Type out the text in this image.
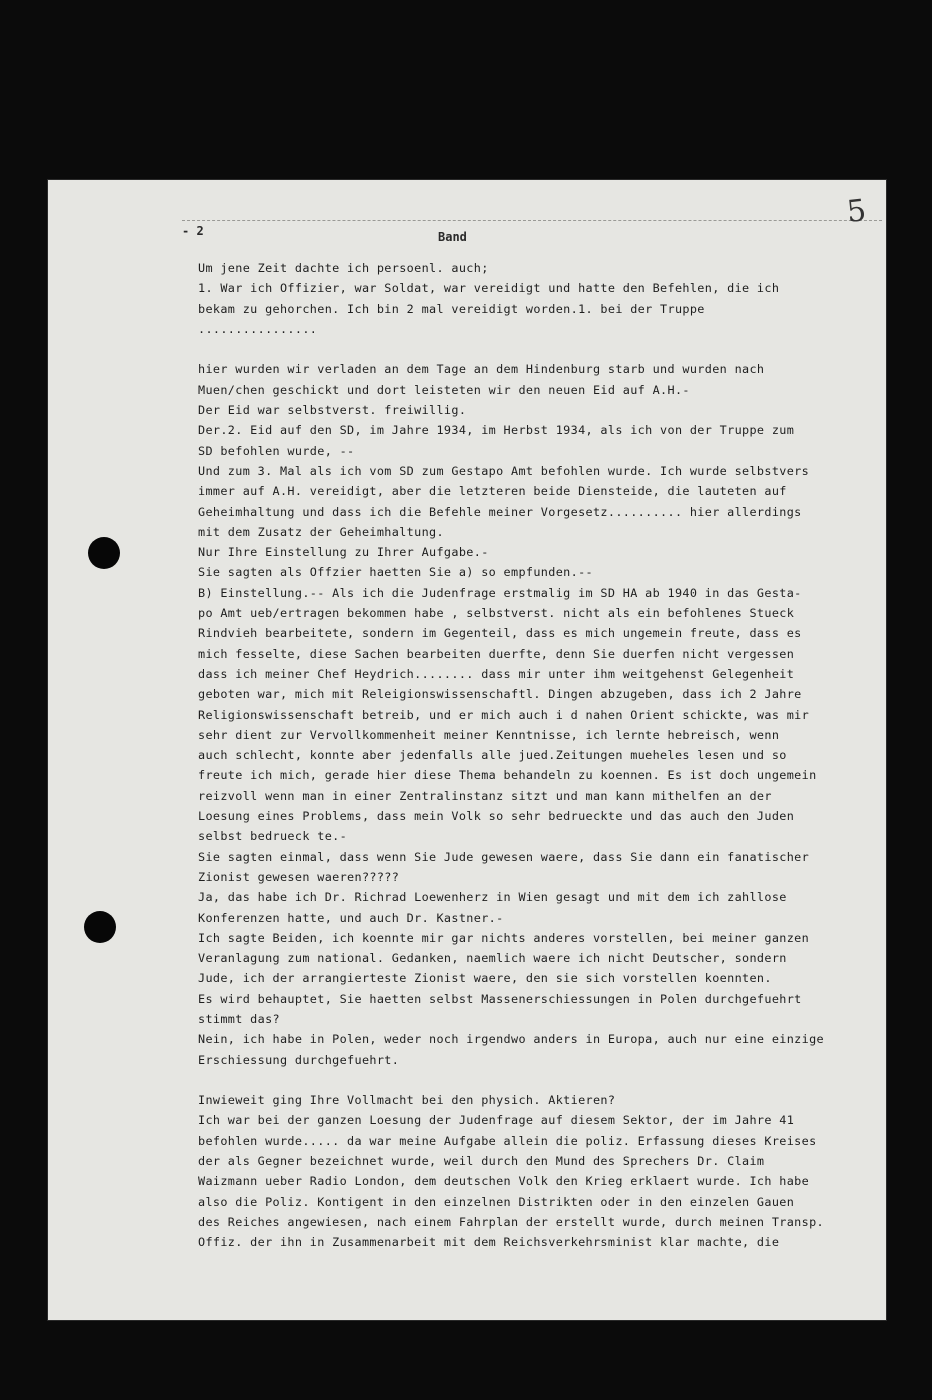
- 2	Band
5
Um jene Zeit dachte ich persoenl. auch;
1. War ich Offizier, war Soldat, war vereidigt und hatte den Befehlen, die ich
bekam zu gehorchen. Ich bin 2 mal vereidigt worden.1. bei der Truppe
................
hier wurden wir verladen an dem Tage an dem Hindenburg starb und wurden nach
Muen/chen geschickt und dort leisteten wir den neuen Eid auf A.H.-
Der Eid war selbstverst. freiwillig.
Der.2. Eid auf den SD, im Jahre 1934, im Herbst 1934, als ich von der Truppe zum
SD befohlen wurde, --
Und zum 3. Mal als ich vom SD zum Gestapo Amt befohlen wurde. Ich wurde selbstvers
immer auf A.H. vereidigt, aber die letzteren beide Diensteide, die lauteten auf
Geheimhaltung und dass ich die Befehle meiner Vorgesetz.......... hier allerdings
mit dem Zusatz der Geheimhaltung.
Nur Ihre Einstellung zu Ihrer Aufgabe.-
Sie sagten als Offzier haetten Sie a) so empfunden.--
B) Einstellung.-- Als ich die Judenfrage erstmalig im SD HA ab 1940 in das Gesta-
po Amt ueb/ertragen bekommen habe , selbstverst. nicht als ein befohlenes Stueck
Rindvieh bearbeitete, sondern im Gegenteil, dass es mich ungemein freute, dass es
mich fesselte, diese Sachen bearbeiten duerfte, denn Sie duerfen nicht vergessen
dass ich meiner Chef Heydrich........ dass mir unter ihm weitgehenst Gelegenheit
geboten war, mich mit Releigionswissenschaftl. Dingen abzugeben, dass ich 2 Jahre
Religionswissenschaft betreib, und er mich auch i d nahen Orient schickte, was mir
sehr dient zur Vervollkommenheit meiner Kenntnisse, ich lernte hebreisch, wenn
auch schlecht, konnte aber jedenfalls alle jued.Zeitungen mueheles lesen und so
freute ich mich, gerade hier diese Thema behandeln zu koennen. Es ist doch ungemein
reizvoll wenn man in einer Zentralinstanz sitzt und man kann mithelfen an der
Loesung eines Problems, dass mein Volk so sehr bedrueckte und das auch den Juden
selbst bedrueck te.-
Sie sagten einmal, dass wenn Sie Jude gewesen waere, dass Sie dann ein fanatischer
Zionist gewesen waeren?????
Ja, das habe ich Dr. Richrad Loewenherz in Wien gesagt und mit dem ich zahllose
Konferenzen hatte, und auch Dr. Kastner.-
Ich sagte Beiden, ich koennte mir gar nichts anderes vorstellen, bei meiner ganzen
Veranlagung zum national. Gedanken, naemlich waere ich nicht Deutscher, sondern
Jude, ich der arrangierteste Zionist waere, den sie sich vorstellen koennten.
Es wird behauptet, Sie haetten selbst Massenerschiessungen in Polen durchgefuehrt
stimmt das?
Nein, ich habe in Polen, weder noch irgendwo anders in Europa, auch nur eine einzige
Erschiessung durchgefuehrt.
Inwieweit ging Ihre Vollmacht bei den physich. Aktieren?
Ich war bei der ganzen Loesung der Judenfrage auf diesem Sektor, der im Jahre 41
befohlen wurde..... da war meine Aufgabe allein die poliz. Erfassung dieses Kreises
der als Gegner bezeichnet wurde, weil durch den Mund des Sprechers Dr. Claim
Waizmann ueber Radio London, dem deutschen Volk den Krieg erklaert wurde. Ich habe
also die Poliz. Kontigent in den einzelnen Distrikten oder in den einzelen Gauen
des Reiches angewiesen, nach einem Fahrplan der erstellt wurde, durch meinen Transp.
Offiz. der ihn in Zusammenarbeit mit dem Reichsverkehrsminist klar machte, die
